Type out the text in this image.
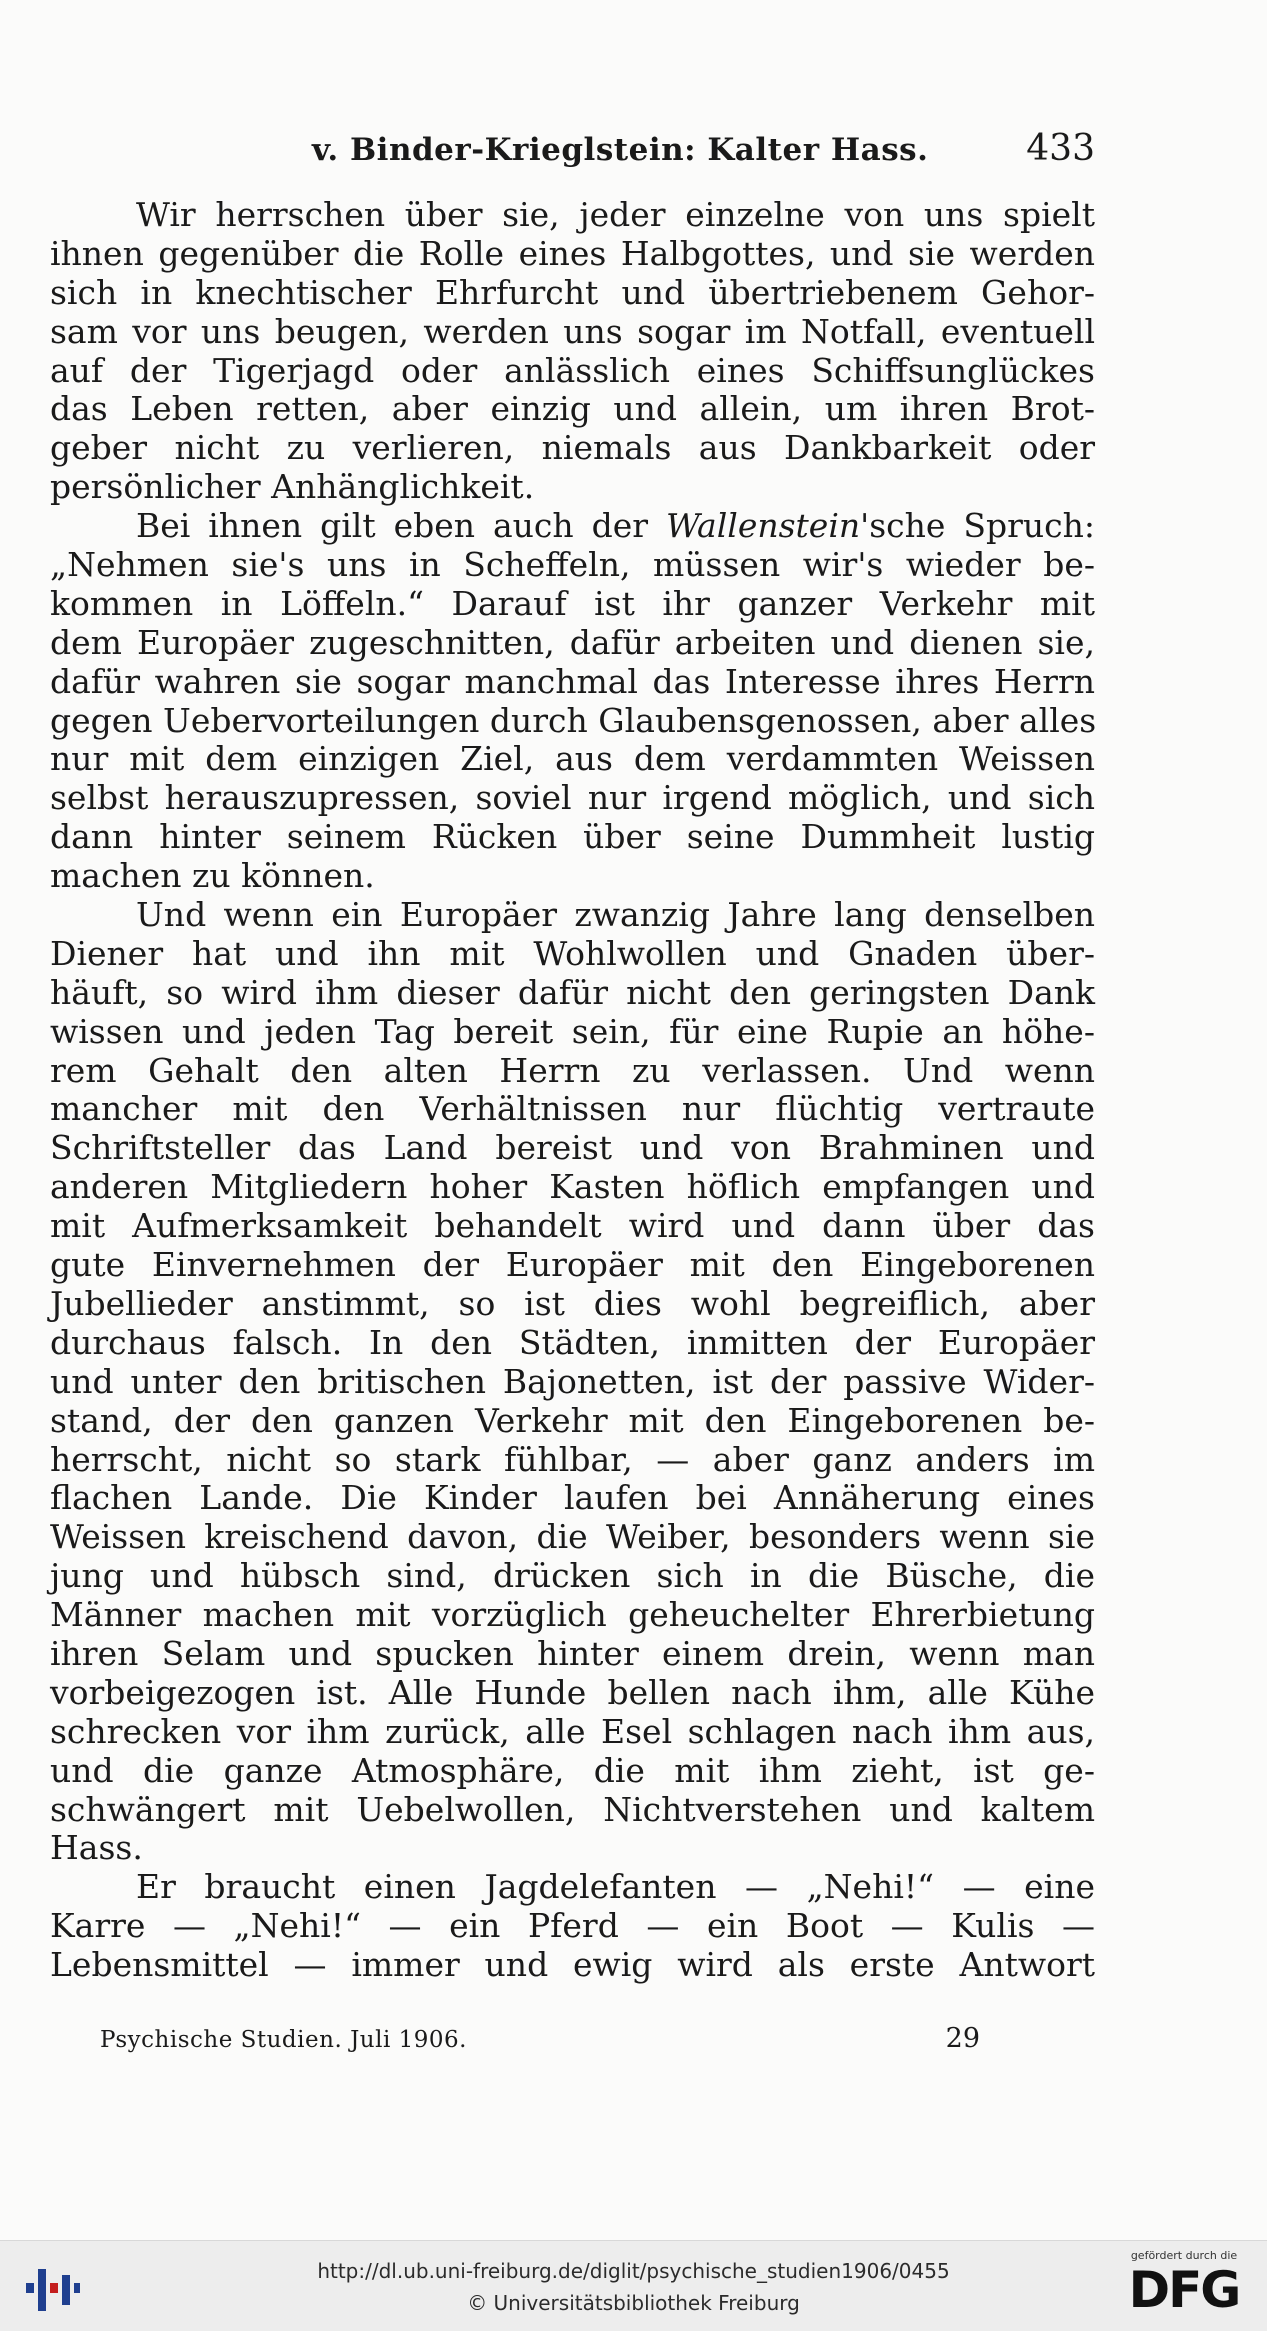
v. Binder-Krieglstein: Kalter Hass.	433
Wir herrschen über sie, jeder einzelne von uns spielt
ihnen gegenüber die Rolle eines Halbgottes, und sie werden
sich in knechtischer Ehrfurcht und übertriebenem Gehor-
sam vor uns beugen, werden uns sogar im Notfall, eventuell
auf der Tigerjagd oder anlässlich eines Schiffsunglückes
das Leben retten, aber einzig und allein, um ihren Brot-
geber nicht zu verlieren, niemals aus Dankbarkeit oder
persönlicher Anhänglichkeit.
Bei ihnen gilt eben auch der Wallenstein'sche Spruch:
„Nehmen sie's uns in Scheffeln, müssen wir's wieder be-
kommen in Löffeln.“ Darauf ist ihr ganzer Verkehr mit
dem Europäer zugeschnitten, dafür arbeiten und dienen sie,
dafür wahren sie sogar manchmal das Interesse ihres Herrn
gegen Uebervorteilungen durch Glaubensgenossen, aber alles
nur mit dem einzigen Ziel, aus dem verdammten Weissen
selbst herauszupressen, soviel nur irgend möglich, und sich
dann hinter seinem Rücken über seine Dummheit lustig
machen zu können.
Und wenn ein Europäer zwanzig Jahre lang denselben
Diener hat und ihn mit Wohlwollen und Gnaden über-
häuft, so wird ihm dieser dafür nicht den geringsten Dank
wissen und jeden Tag bereit sein, für eine Rupie an höhe-
rem Gehalt den alten Herrn zu verlassen. Und wenn
mancher mit den Verhältnissen nur flüchtig vertraute
Schriftsteller das Land bereist und von Brahminen und
anderen Mitgliedern hoher Kasten höflich empfangen und
mit Aufmerksamkeit behandelt wird und dann über das
gute Einvernehmen der Europäer mit den Eingeborenen
Jubellieder anstimmt, so ist dies wohl begreiflich, aber
durchaus falsch. In den Städten, inmitten der Europäer
und unter den britischen Bajonetten, ist der passive Wider-
stand, der den ganzen Verkehr mit den Eingeborenen be-
herrscht, nicht so stark fühlbar, — aber ganz anders im
flachen Lande. Die Kinder laufen bei Annäherung eines
Weissen kreischend davon, die Weiber, besonders wenn sie
jung und hübsch sind, drücken sich in die Büsche, die
Männer machen mit vorzüglich geheuchelter Ehrerbietung
ihren Selam und spucken hinter einem drein, wenn man
vorbeigezogen ist. Alle Hunde bellen nach ihm, alle Kühe
schrecken vor ihm zurück, alle Esel schlagen nach ihm aus,
und die ganze Atmosphäre, die mit ihm zieht, ist ge-
schwängert mit Uebelwollen, Nichtverstehen und kaltem
Hass.
Er braucht einen Jagdelefanten — „Nehi!“ — eine
Karre — „Nehi!“ — ein Pferd — ein Boot — Kulis —
Lebensmittel — immer und ewig wird als erste Antwort
Psychische Studien. Juli 1906.	29
http://dl.ub.uni-freiburg.de/diglit/psychische_studien1906/0455
© Universitätsbibliothek Freiburg
gefördert durch die
DFG
